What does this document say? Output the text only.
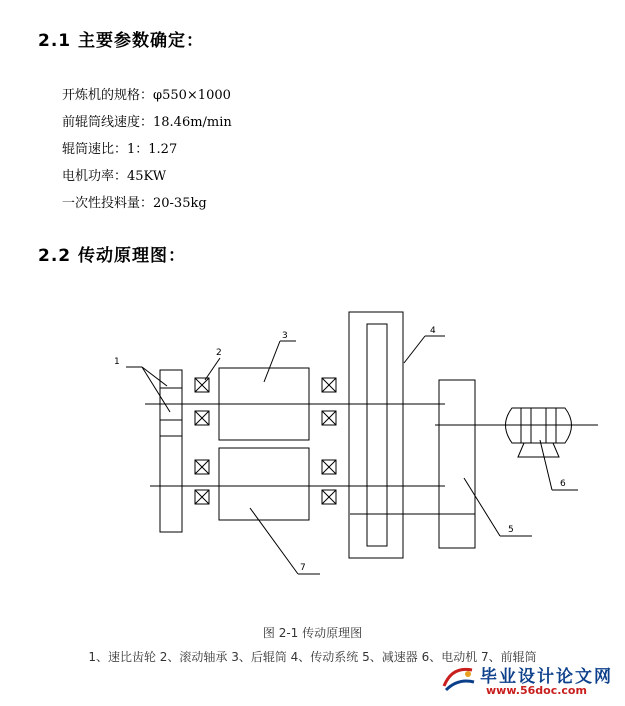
2.1 主要参数确定：
开炼机的规格：φ550×1000
前辊筒线速度：18.46m/min
辊筒速比：1：1.27
电机功率：45KW
一次性投料量：20-35kg
2.2 传动原理图：
1
2
3	4
5
6
7
图 2-1 传动原理图
1、速比齿轮 2、滚动轴承 3、后辊筒 4、传动系统 5、减速器 6、电动机 7、前辊筒
毕业设计论文网
www.56doc.com
